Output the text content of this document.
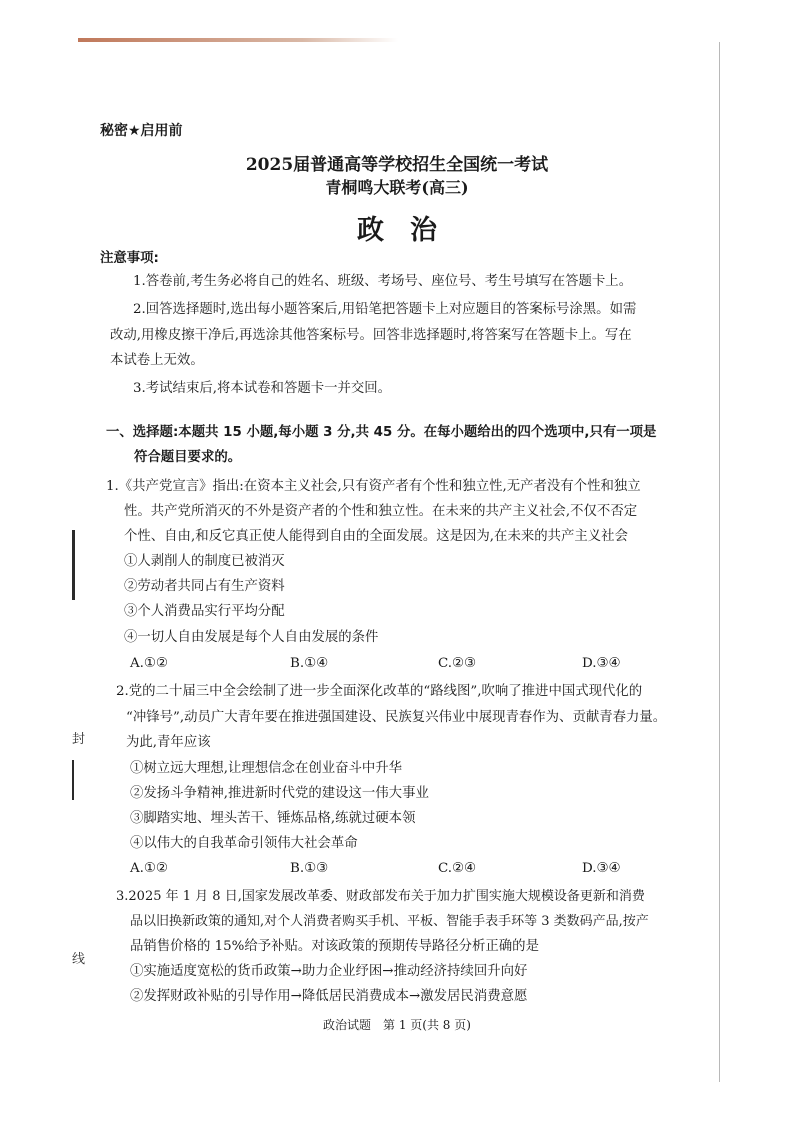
封
线
秘密★启用前
2025届普通高等学校招生全国统一考试
青桐鸣大联考(高三)
政治
注意事项:
1.答卷前,考生务必将自己的姓名、班级、考场号、座位号、考生号填写在答题卡上。
2.回答选择题时,选出每小题答案后,用铅笔把答题卡上对应题目的答案标号涂黑。如需
改动,用橡皮擦干净后,再选涂其他答案标号。回答非选择题时,将答案写在答题卡上。写在
本试卷上无效。
3.考试结束后,将本试卷和答题卡一并交回。
一、选择题:本题共 15 小题,每小题 3 分,共 45 分。在每小题给出的四个选项中,只有一项是
符合题目要求的。
1.《共产党宣言》指出:在资本主义社会,只有资产者有个性和独立性,无产者没有个性和独立
性。共产党所消灭的不外是资产者的个性和独立性。在未来的共产主义社会,不仅不否定
个性、自由,和反它真正使人能得到自由的全面发展。这是因为,在未来的共产主义社会
①人剥削人的制度已被消灭
②劳动者共同占有生产资料
③个人消费品实行平均分配
④一切人自由发展是每个人自由发展的条件
A.①②	B.①④	C.②③	D.③④
2.党的二十届三中全会绘制了进一步全面深化改革的“路线图”,吹响了推进中国式现代化的
“冲锋号”,动员广大青年要在推进强国建设、民族复兴伟业中展现青春作为、贡献青春力量。
为此,青年应该
①树立远大理想,让理想信念在创业奋斗中升华
②发扬斗争精神,推进新时代党的建设这一伟大事业
③脚踏实地、埋头苦干、锤炼品格,练就过硬本领
④以伟大的自我革命引领伟大社会革命
A.①②	B.①③	C.②④	D.③④
3.2025 年 1 月 8 日,国家发展改革委、财政部发布关于加力扩围实施大规模设备更新和消费
品以旧换新政策的通知,对个人消费者购买手机、平板、智能手表手环等 3 类数码产品,按产
品销售价格的 15%给予补贴。对该政策的预期传导路径分析正确的是
①实施适度宽松的货币政策→助力企业纾困→推动经济持续回升向好
②发挥财政补贴的引导作用→降低居民消费成本→激发居民消费意愿
政治试题　第 1 页(共 8 页)
